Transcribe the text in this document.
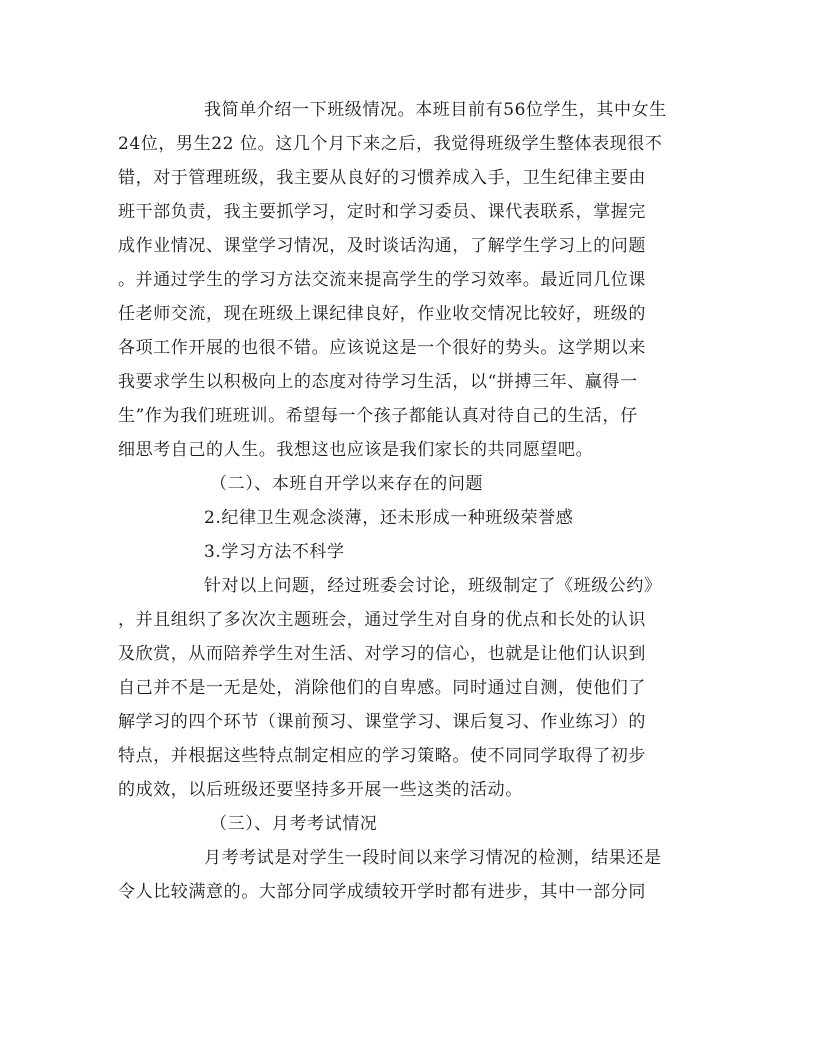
我简单介绍一下班级情况。本班目前有56位学生，其中女生

24位，男生22 位。这几个月下来之后，我觉得班级学生整体表现很不

错，对于管理班级，我主要从良好的习惯养成入手，卫生纪律主要由

班干部负责，我主要抓学习，定时和学习委员、课代表联系，掌握完

成作业情况、课堂学习情况，及时谈话沟通，了解学生学习上的问题

。并通过学生的学习方法交流来提高学生的学习效率。最近同几位课

任老师交流，现在班级上课纪律良好，作业收交情况比较好，班级的

各项工作开展的也很不错。应该说这是一个很好的势头。这学期以来

我要求学生以积极向上的态度对待学习生活，以“拼搏三年、赢得一

生”作为我们班班训。希望每一个孩子都能认真对待自己的生活，仔

细思考自己的人生。我想这也应该是我们家长的共同愿望吧。

（二）、本班自开学以来存在的问题

2.纪律卫生观念淡薄，还未形成一种班级荣誉感

3.学习方法不科学

针对以上问题，经过班委会讨论，班级制定了《班级公约》

，并且组织了多次次主题班会，通过学生对自身的优点和长处的认识

及欣赏，从而陪养学生对生活、对学习的信心，也就是让他们认识到

自己并不是一无是处，消除他们的自卑感。同时通过自测，使他们了

解学习的四个环节（课前预习、课堂学习、课后复习、作业练习）的

特点，并根据这些特点制定相应的学习策略。使不同同学取得了初步

的成效，以后班级还要坚持多开展一些这类的活动。

（三）、月考考试情况

月考考试是对学生一段时间以来学习情况的检测，结果还是

令人比较满意的。大部分同学成绩较开学时都有进步，其中一部分同
